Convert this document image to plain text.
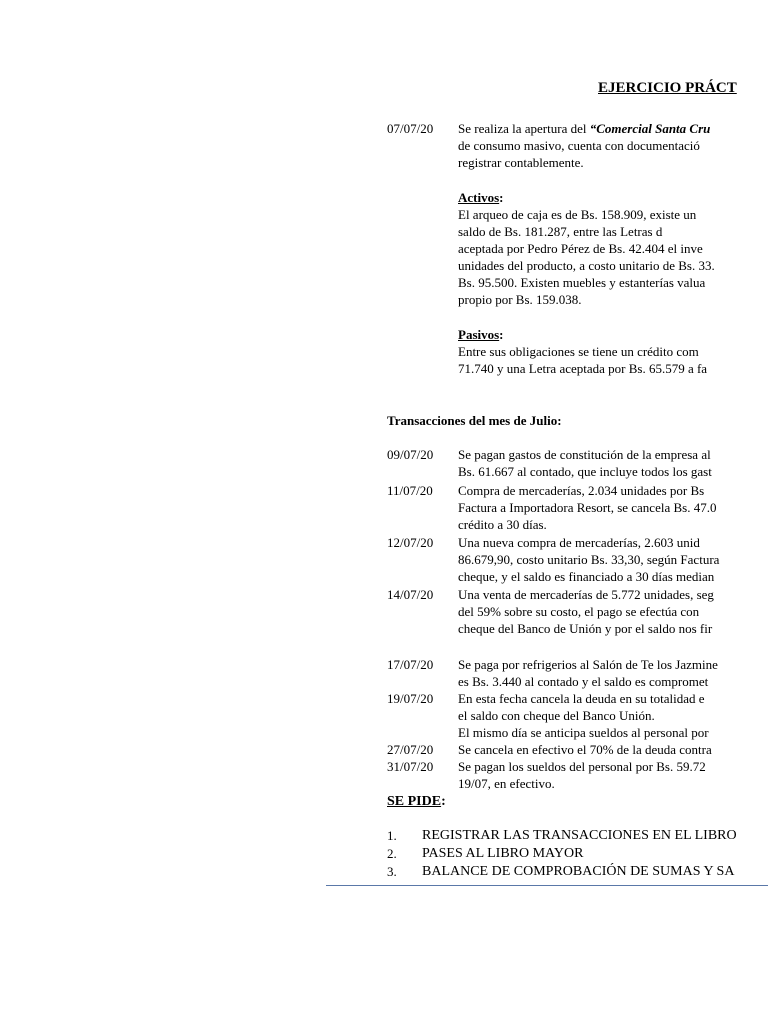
EJERCICIO PRÁCT
07/07/20 Se realiza la apertura del “Comercial Santa Cru
de consumo masivo, cuenta con documentació
registrar contablemente.
Activos:
El arqueo de caja es de Bs. 158.909, existe un
saldo de Bs. 181.287, entre las Letras d
aceptada por Pedro Pérez de Bs. 42.404 el inve
unidades del producto, a costo unitario de Bs. 33.
Bs. 95.500. Existen muebles y estanterías valua
propio por Bs. 159.038.
Pasivos:
Entre sus obligaciones se tiene un crédito com
71.740 y una Letra aceptada por Bs. 65.579 a fa
Transacciones del mes de Julio:
09/07/20 Se pagan gastos de constitución de la empresa al
Bs. 61.667 al contado, que incluye todos los gast
11/07/20 Compra de mercaderías, 2.034 unidades por Bs
Factura a Importadora Resort, se cancela Bs. 47.0
crédito a 30 días.
12/07/20 Una nueva compra de mercaderías, 2.603 unid
86.679,90, costo unitario Bs. 33,30, según Factura
cheque, y el saldo es financiado a 30 días median
14/07/20 Una venta de mercaderías de 5.772 unidades, seg
del 59% sobre su costo, el pago se efectúa con
cheque del Banco de Unión y por el saldo nos fir
17/07/20 Se paga por refrigerios al Salón de Te los Jazmine
es Bs. 3.440 al contado y el saldo es compromet
19/07/20 En esta fecha cancela la deuda en su totalidad e
el saldo con cheque del Banco Unión.
El mismo día se anticipa sueldos al personal por
27/07/20 Se cancela en efectivo el 70% de la deuda contra
31/07/20 Se pagan los sueldos del personal por Bs. 59.72
19/07, en efectivo.
SE PIDE:
1. REGISTRAR LAS TRANSACCIONES EN EL LIBRO
2. PASES AL LIBRO MAYOR
3. BALANCE DE COMPROBACIÓN DE SUMAS Y SA
